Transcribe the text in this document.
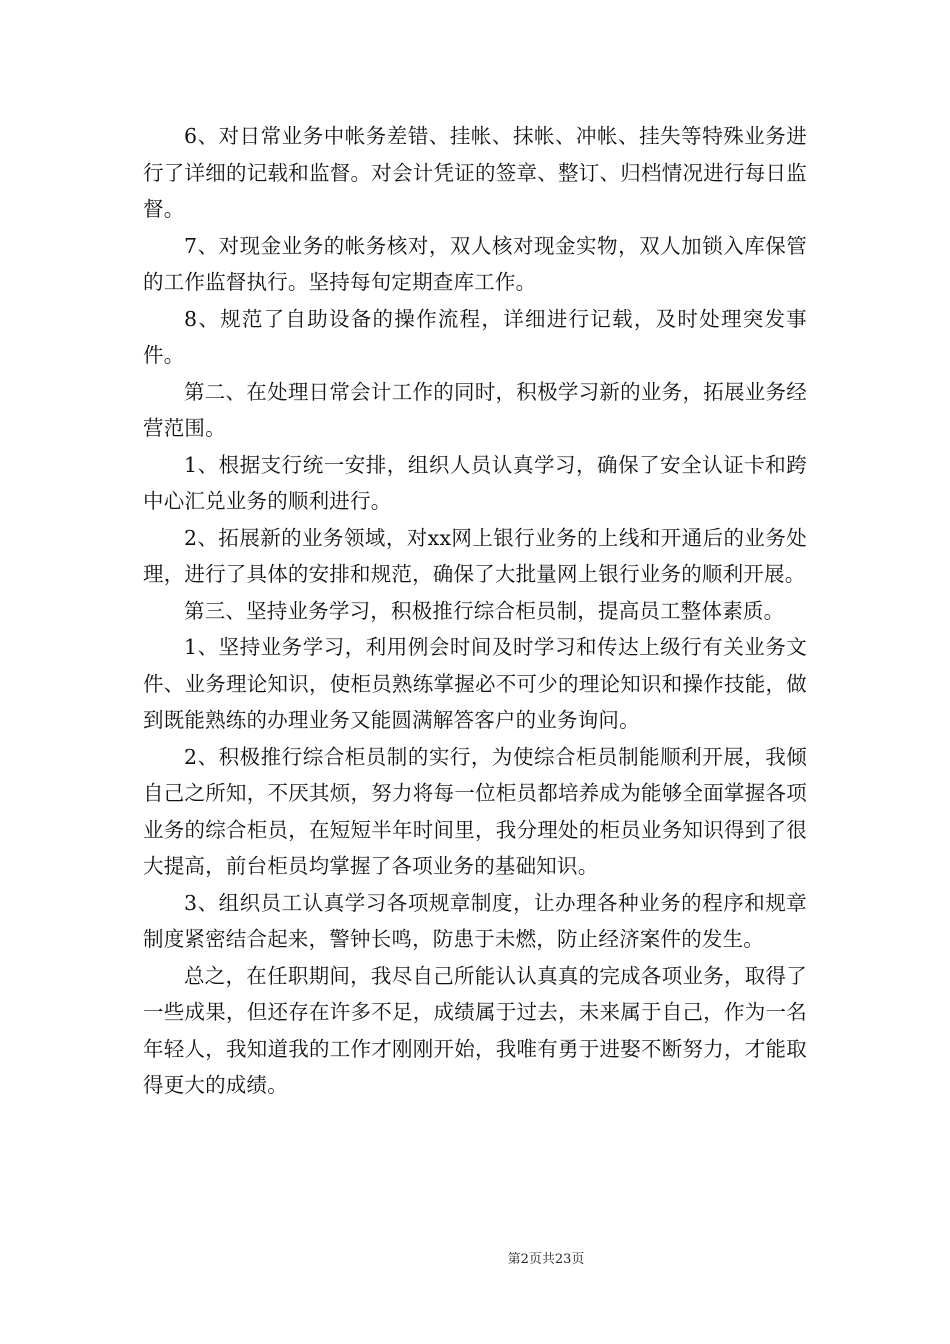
6、对日常业务中帐务差错、挂帐、抹帐、冲帐、挂失等特殊业务进行了详细的记载和监督。对会计凭证的签章、整订、归档情况进行每日监督。

7、对现金业务的帐务核对，双人核对现金实物，双人加锁入库保管的工作监督执行。坚持每旬定期查库工作。

8、规范了自助设备的操作流程，详细进行记载，及时处理突发事件。

第二、在处理日常会计工作的同时，积极学习新的业务，拓展业务经营范围。

1、根据支行统一安排，组织人员认真学习，确保了安全认证卡和跨中心汇兑业务的顺利进行。

2、拓展新的业务领域，对xx网上银行业务的上线和开通后的业务处理，进行了具体的安排和规范，确保了大批量网上银行业务的顺利开展。

第三、坚持业务学习，积极推行综合柜员制，提高员工整体素质。

1、坚持业务学习，利用例会时间及时学习和传达上级行有关业务文件、业务理论知识，使柜员熟练掌握必不可少的理论知识和操作技能，做到既能熟练的办理业务又能圆满解答客户的业务询问。

2、积极推行综合柜员制的实行，为使综合柜员制能顺利开展，我倾自己之所知，不厌其烦，努力将每一位柜员都培养成为能够全面掌握各项业务的综合柜员，在短短半年时间里，我分理处的柜员业务知识得到了很大提高，前台柜员均掌握了各项业务的基础知识。

3、组织员工认真学习各项规章制度，让办理各种业务的程序和规章制度紧密结合起来，警钟长鸣，防患于未燃，防止经济案件的发生。

总之，在任职期间，我尽自己所能认认真真的完成各项业务，取得了一些成果，但还存在许多不足，成绩属于过去，未来属于自己，作为一名年轻人，我知道我的工作才刚刚开始，我唯有勇于进娶不断努力，才能取得更大的成绩。

第2页共23页
